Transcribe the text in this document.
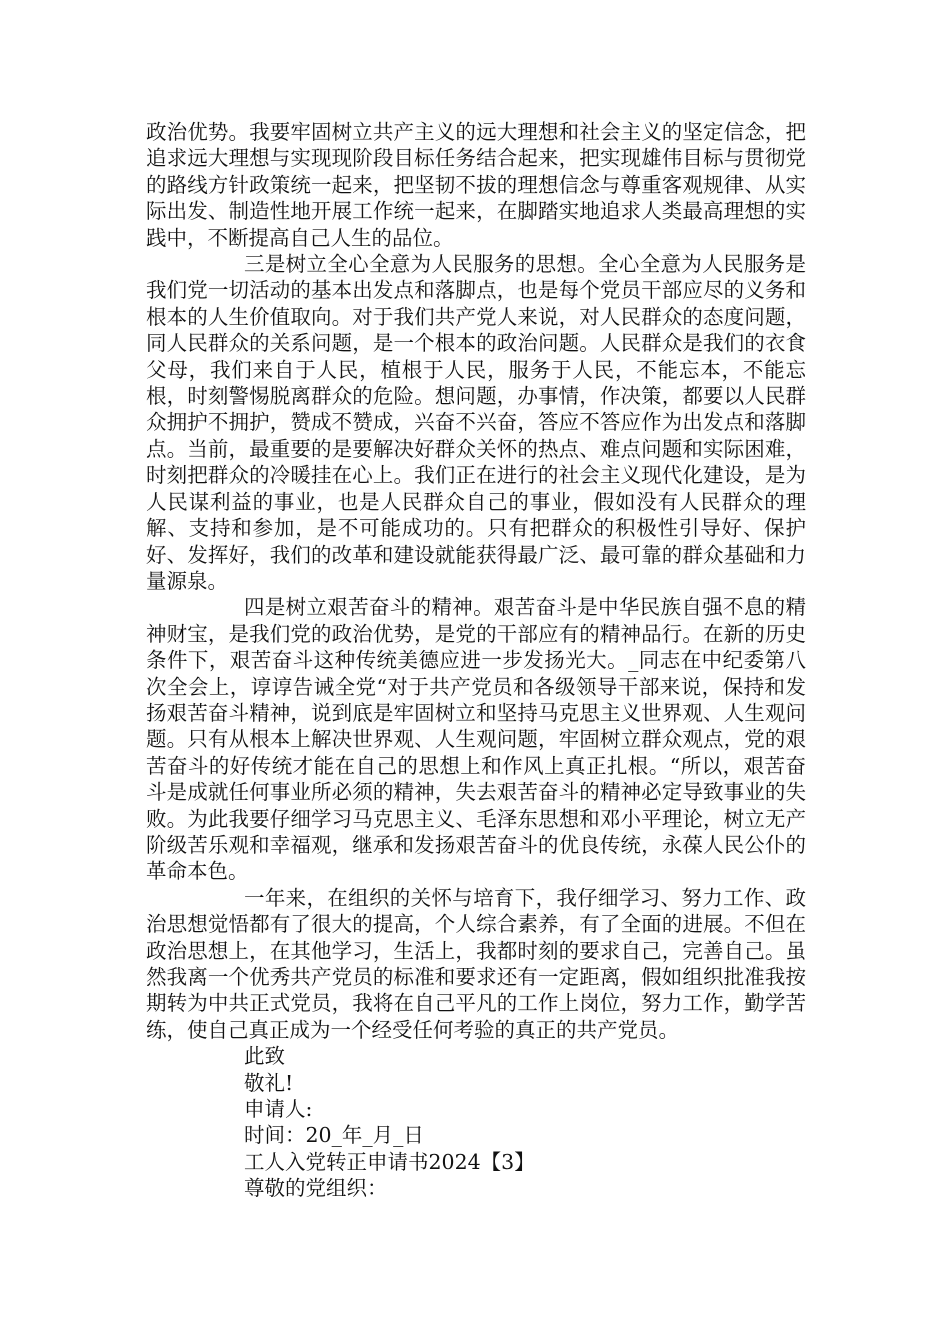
政治优势。我要牢固树立共产主义的远大理想和社会主义的坚定信念，把追求远大理想与实现现阶段目标任务结合起来，把实现雄伟目标与贯彻党的路线方针政策统一起来，把坚韧不拔的理想信念与尊重客观规律、从实际出发、制造性地开展工作统一起来，在脚踏实地追求人类最高理想的实践中，不断提高自己人生的品位。

三是树立全心全意为人民服务的思想。全心全意为人民服务是我们党一切活动的基本出发点和落脚点，也是每个党员干部应尽的义务和根本的人生价值取向。对于我们共产党人来说，对人民群众的态度问题，同人民群众的关系问题，是一个根本的政治问题。人民群众是我们的衣食父母，我们来自于人民，植根于人民，服务于人民，不能忘本，不能忘根，时刻警惕脱离群众的危险。想问题，办事情，作决策，都要以人民群众拥护不拥护，赞成不赞成，兴奋不兴奋，答应不答应作为出发点和落脚点。当前，最重要的是要解决好群众关怀的热点、难点问题和实际困难，时刻把群众的冷暖挂在心上。我们正在进行的社会主义现代化建设，是为人民谋利益的事业，也是人民群众自己的事业，假如没有人民群众的理解、支持和参加，是不可能成功的。只有把群众的积极性引导好、保护好、发挥好，我们的改革和建设就能获得最广泛、最可靠的群众基础和力量源泉。

四是树立艰苦奋斗的精神。艰苦奋斗是中华民族自强不息的精神财宝，是我们党的政治优势，是党的干部应有的精神品行。在新的历史条件下，艰苦奋斗这种传统美德应进一步发扬光大。_同志在中纪委第八次全会上，谆谆告诫全党“对于共产党员和各级领导干部来说，保持和发扬艰苦奋斗精神，说到底是牢固树立和坚持马克思主义世界观、人生观问题。只有从根本上解决世界观、人生观问题，牢固树立群众观点，党的艰苦奋斗的好传统才能在自己的思想上和作风上真正扎根。“所以，艰苦奋斗是成就任何事业所必须的精神，失去艰苦奋斗的精神必定导致事业的失败。为此我要仔细学习马克思主义、毛泽东思想和邓小平理论，树立无产阶级苦乐观和幸福观，继承和发扬艰苦奋斗的优良传统，永葆人民公仆的革命本色。

一年来，在组织的关怀与培育下，我仔细学习、努力工作、政治思想觉悟都有了很大的提高，个人综合素养，有了全面的进展。不但在政治思想上，在其他学习，生活上，我都时刻的要求自己，完善自己。虽然我离一个优秀共产党员的标准和要求还有一定距离，假如组织批准我按期转为中共正式党员，我将在自己平凡的工作上岗位，努力工作，勤学苦练，使自己真正成为一个经受任何考验的真正的共产党员。

此致
敬礼!
申请人:
时间：20_年_月_日
工人入党转正申请书2024【3】
尊敬的党组织：
